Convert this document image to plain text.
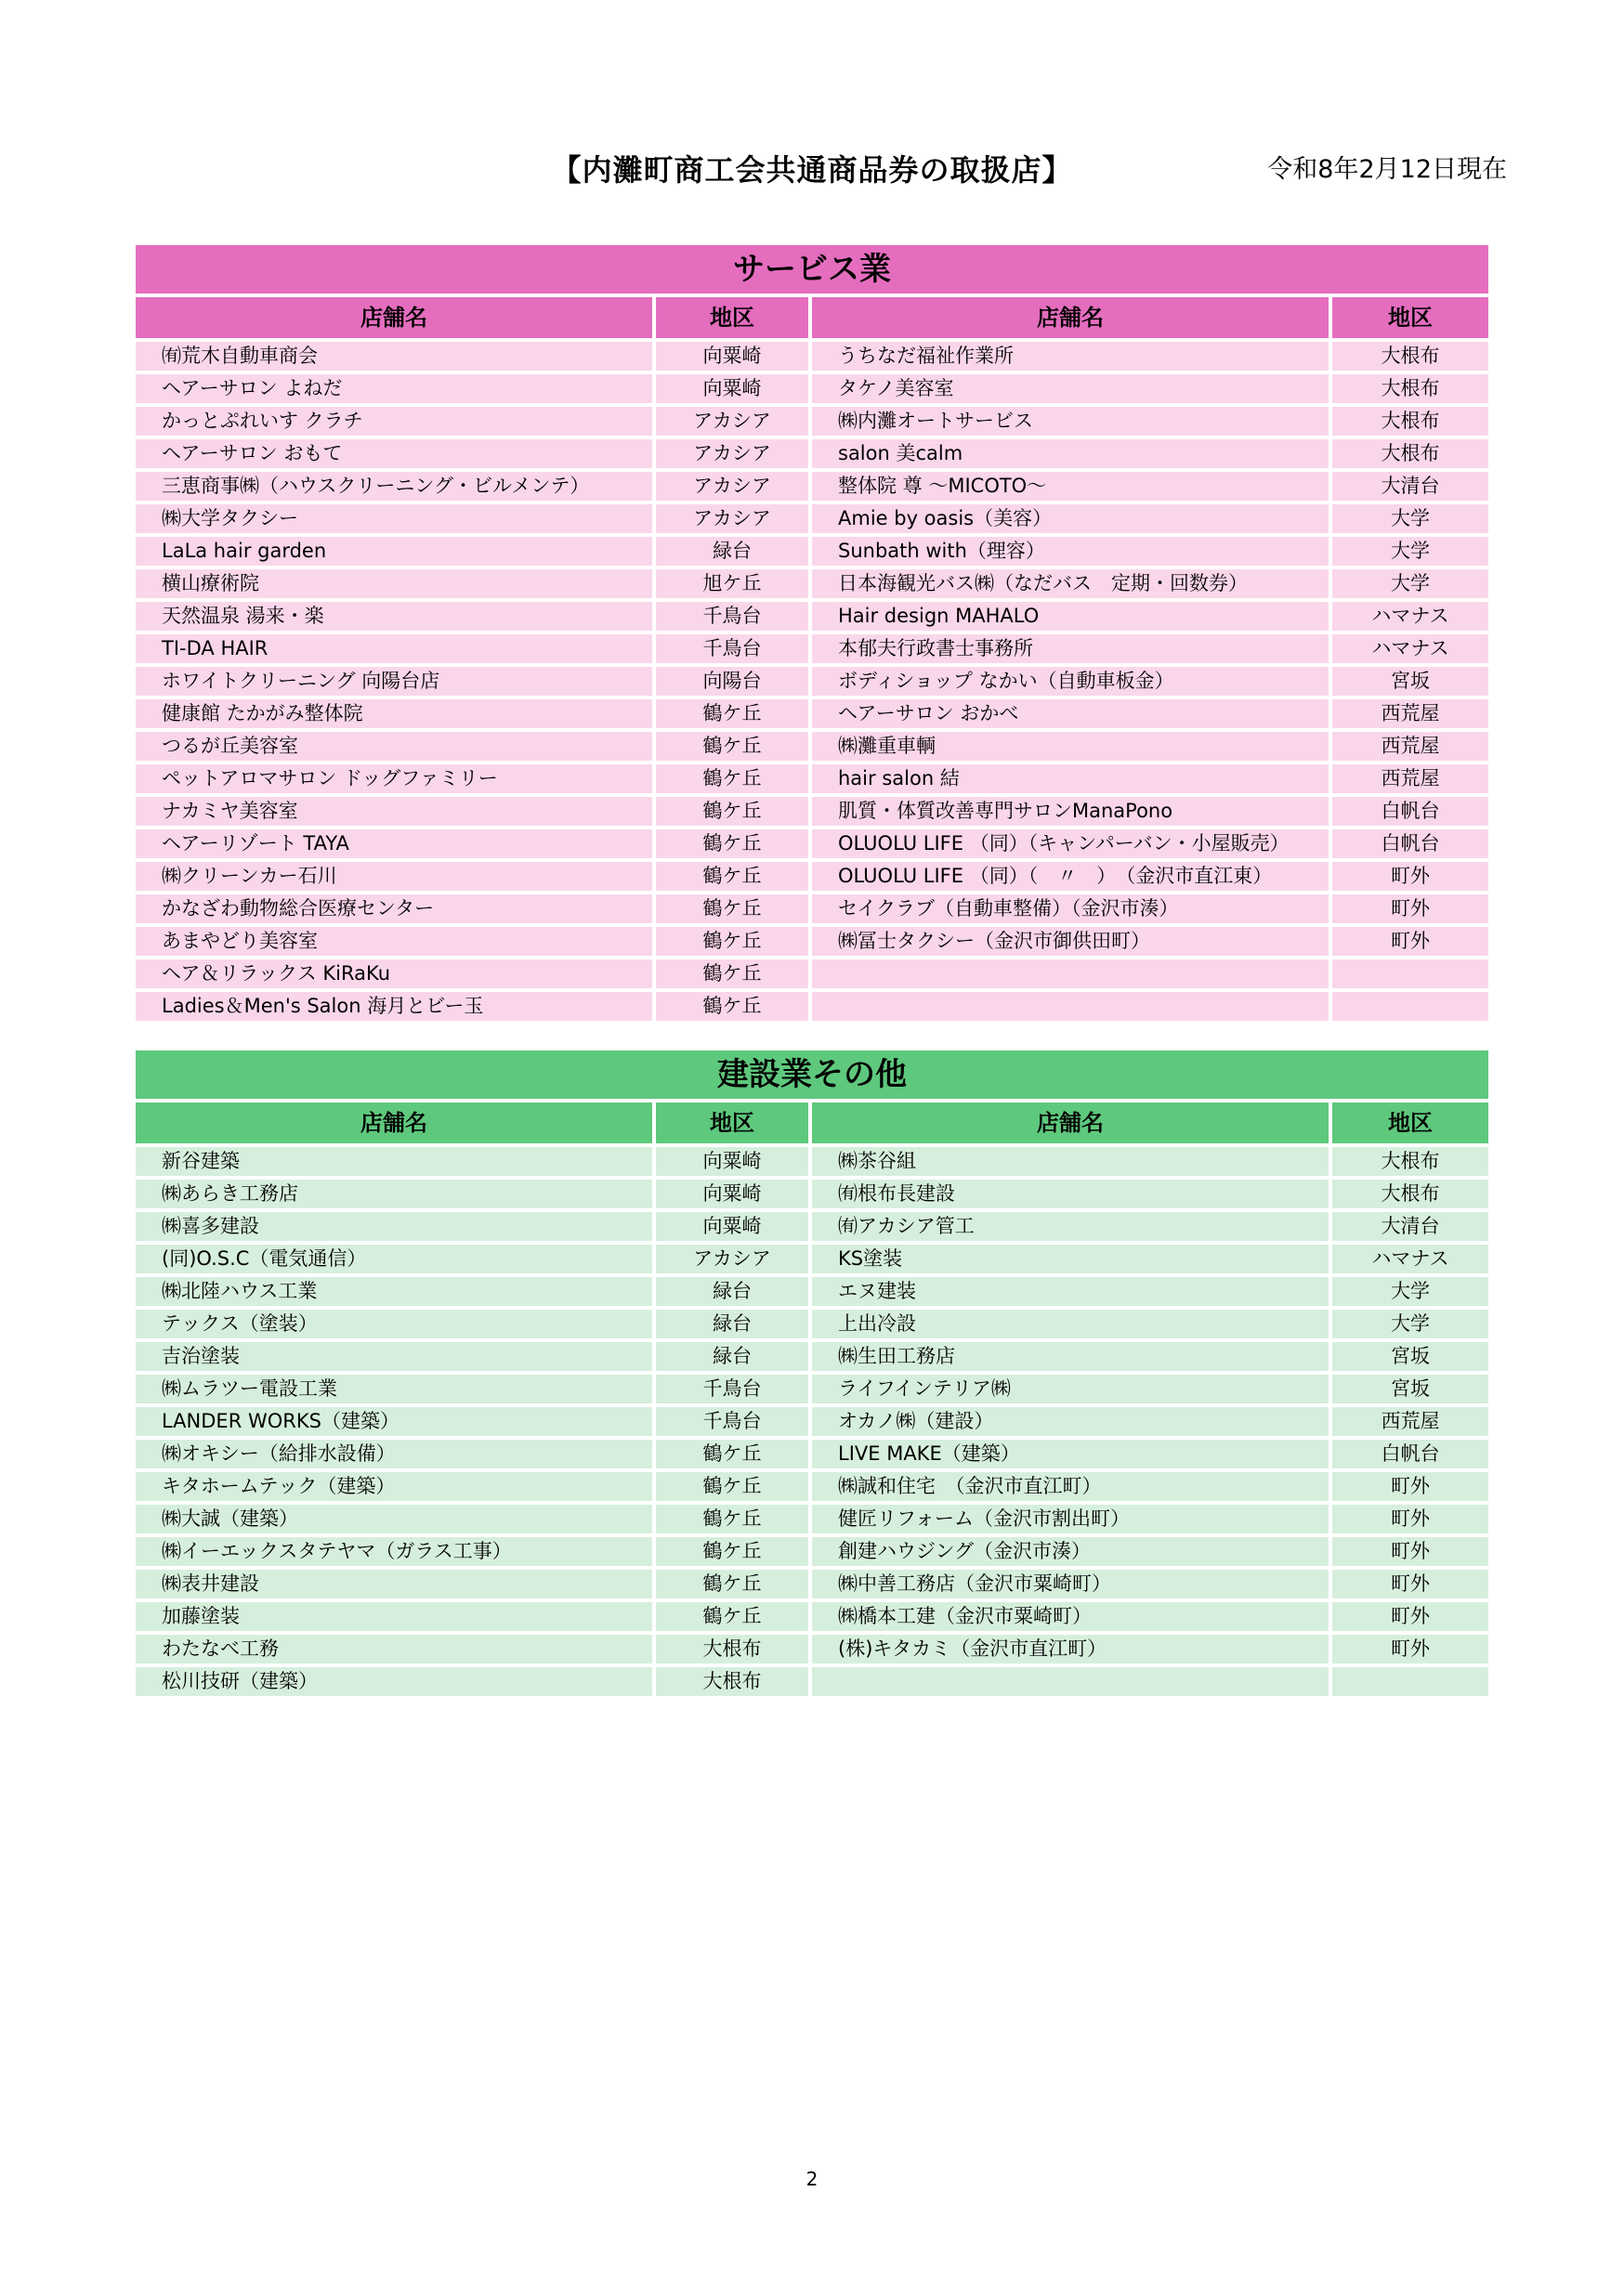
【内灘町商工会共通商品券の取扱店】	令和8年2月12日現在
サービス業
店舗名	地区	店舗名	地区
㈲荒木自動車商会	向粟崎	うちなだ福祉作業所	大根布
ヘアーサロン よねだ	向粟崎	タケノ美容室	大根布
かっとぷれいす クラチ	アカシア	㈱内灘オートサービス	大根布
ヘアーサロン おもて	アカシア	salon 美calm	大根布
三恵商事㈱（ハウスクリーニング・ビルメンテ）	アカシア	整体院 尊 ～MICOTO～	大清台
㈱大学タクシー	アカシア	Amie by oasis（美容）	大学
LaLa hair garden	緑台	Sunbath with（理容）	大学
横山療術院	旭ケ丘	日本海観光バス㈱（なだバス　定期・回数券）	大学
天然温泉 湯来・楽	千鳥台	Hair design MAHALO	ハマナス
TI-DA HAIR	千鳥台	本郁夫行政書士事務所	ハマナス
ホワイトクリーニング 向陽台店	向陽台	ボディショップ なかい（自動車板金）	宮坂
健康館 たかがみ整体院	鶴ケ丘	ヘアーサロン おかべ	西荒屋
つるが丘美容室	鶴ケ丘	㈱灘重車輌	西荒屋
ペットアロマサロン ドッグファミリー	鶴ケ丘	hair salon 結	西荒屋
ナカミヤ美容室	鶴ケ丘	肌質・体質改善専門サロンManaPono	白帆台
ヘアーリゾート TAYA	鶴ケ丘	OLUOLU LIFE （同）（キャンパーバン・小屋販売）	白帆台
㈱クリーンカー石川	鶴ケ丘	OLUOLU LIFE （同）（　〃　）　（金沢市直江東）	町外
かなざわ動物総合医療センター	鶴ケ丘	セイクラブ（自動車整備）（金沢市湊）	町外
あまやどり美容室	鶴ケ丘	㈱冨士タクシー（金沢市御供田町）	町外
ヘア＆リラックス KiRaKu	鶴ケ丘
Ladies＆Men's Salon 海月とビー玉	鶴ケ丘
建設業その他
店舗名	地区	店舗名	地区
新谷建築	向粟崎	㈱茶谷組	大根布
㈱あらき工務店	向粟崎	㈲根布長建設	大根布
㈱喜多建設	向粟崎	㈲アカシア管工	大清台
(同)O.S.C（電気通信）	アカシア	KS塗装	ハマナス
㈱北陸ハウス工業	緑台	エヌ建装	大学
テックス（塗装）	緑台	上出冷設	大学
吉治塗装	緑台	㈱生田工務店	宮坂
㈱ムラツー電設工業	千鳥台	ライフインテリア㈱	宮坂
LANDER WORKS（建築）	千鳥台	オカノ㈱（建設）	西荒屋
㈱オキシー（給排水設備）	鶴ケ丘	LIVE MAKE（建築）	白帆台
キタホームテック（建築）	鶴ケ丘	㈱誠和住宅　（金沢市直江町）	町外
㈱大誠（建築）	鶴ケ丘	健匠リフォーム（金沢市割出町）	町外
㈱イーエックスタテヤマ（ガラス工事）	鶴ケ丘	創建ハウジング（金沢市湊）	町外
㈱表井建設	鶴ケ丘	㈱中善工務店（金沢市粟崎町）	町外
加藤塗装	鶴ケ丘	㈱橋本工建（金沢市粟崎町）	町外
わたなべ工務	大根布	(株)キタカミ（金沢市直江町）	町外
松川技研（建築）	大根布
2
